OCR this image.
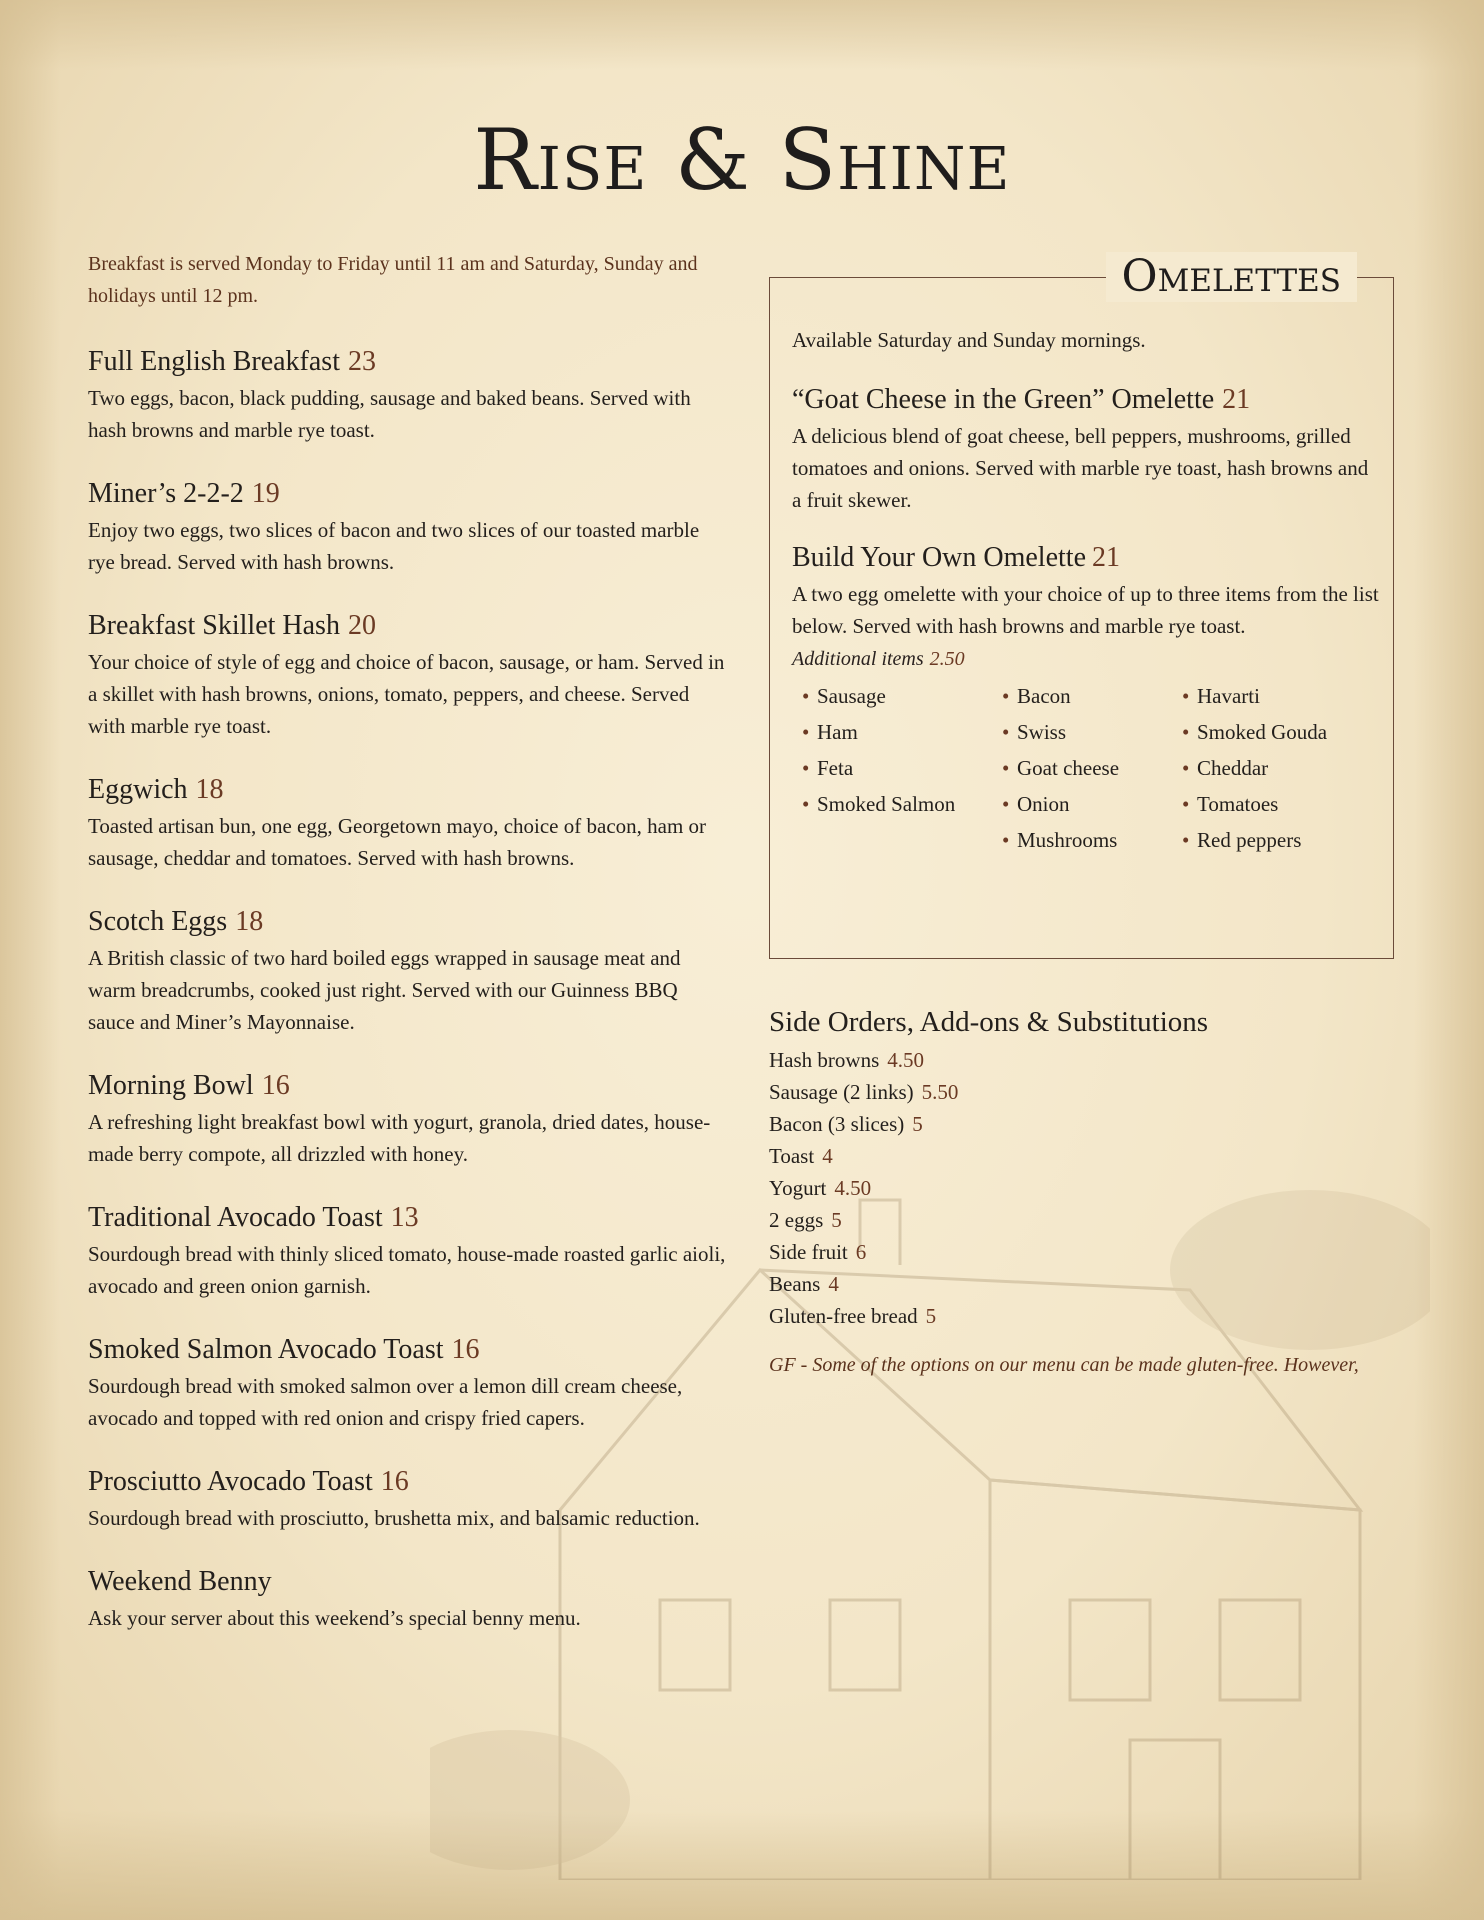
Rise & Shine
Breakfast is served Monday to Friday until 11 am and Saturday, Sunday and holidays until 12 pm.
Full English Breakfast 23
Two eggs, bacon, black pudding, sausage and baked beans. Served with hash browns and marble rye toast.
Miner’s 2-2-2 19
Enjoy two eggs, two slices of bacon and two slices of our toasted marble rye bread. Served with hash browns.
Breakfast Skillet Hash 20
Your choice of style of egg and choice of bacon, sausage, or ham. Served in a skillet with hash browns, onions, tomato, peppers, and cheese. Served with marble rye toast.
Eggwich 18
Toasted artisan bun, one egg, Georgetown mayo, choice of bacon, ham or sausage, cheddar and tomatoes. Served with hash browns.
Scotch Eggs 18
A British classic of two hard boiled eggs wrapped in sausage meat and warm breadcrumbs, cooked just right. Served with our Guinness BBQ sauce and Miner’s Mayonnaise.
Morning Bowl 16
A refreshing light breakfast bowl with yogurt, granola, dried dates, house-made berry compote, all drizzled with honey.
Traditional Avocado Toast 13
Sourdough bread with thinly sliced tomato, house-made roasted garlic aioli, avocado and green onion garnish.
Smoked Salmon Avocado Toast 16
Sourdough bread with smoked salmon over a lemon dill cream cheese, avocado and topped with red onion and crispy fried capers.
Prosciutto Avocado Toast 16
Sourdough bread with prosciutto, brushetta mix, and balsamic reduction.
Weekend Benny
Ask your server about this weekend’s special benny menu.
Omelettes
Available Saturday and Sunday mornings.
“Goat Cheese in the Green” Omelette 21
A delicious blend of goat cheese, bell peppers, mushrooms, grilled tomatoes and onions. Served with marble rye toast, hash browns and a fruit skewer.
Build Your Own Omelette 21
A two egg omelette with your choice of up to three items from the list below. Served with hash browns and marble rye toast.
Additional items 2.50
• Sausage
• Ham
• Feta
• Smoked Salmon
• Bacon
• Swiss
• Goat cheese
• Onion
• Mushrooms
• Havarti
• Smoked Gouda
• Cheddar
• Tomatoes
• Red peppers
Side Orders, Add-ons & Substitutions
Hash browns 4.50
Sausage (2 links) 5.50
Bacon (3 slices) 5
Toast 4
Yogurt 4.50
2 eggs 5
Side fruit 6
Beans 4
Gluten-free bread 5
GF - Some of the options on our menu can be made gluten-free. However,
